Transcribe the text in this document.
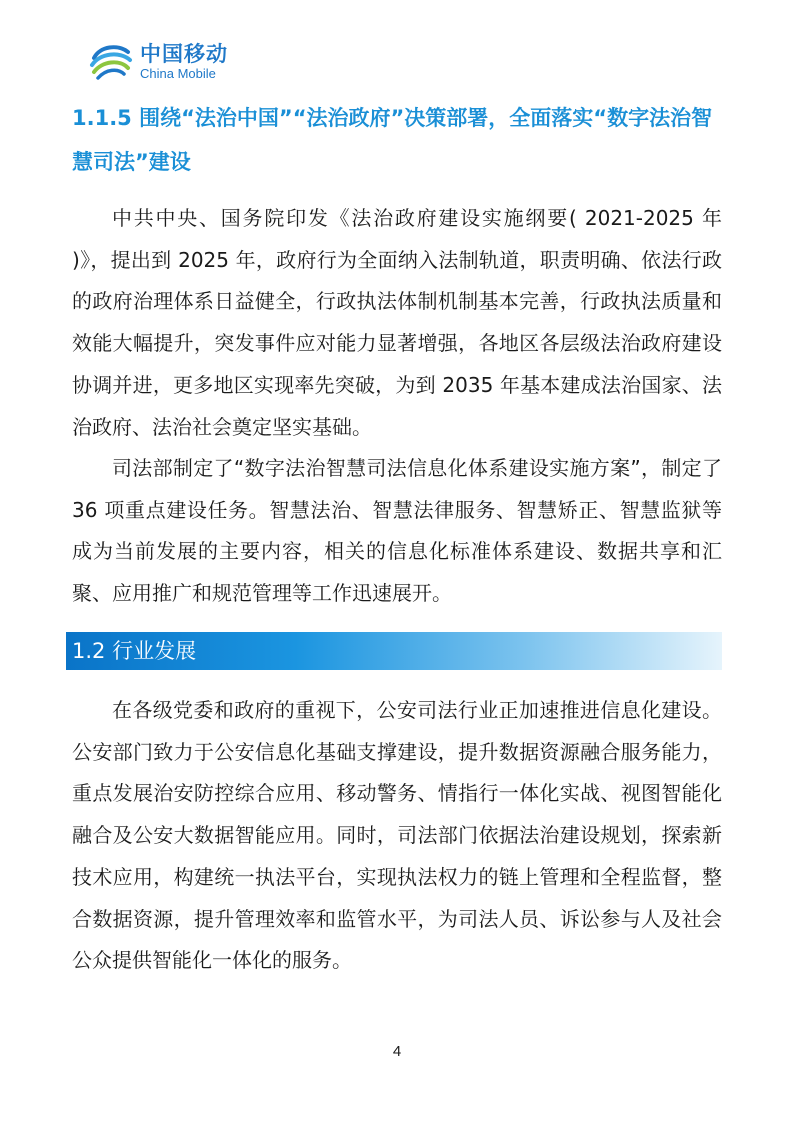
中国移动
China Mobile
1.1.5 围绕“法治中国”“法治政府”决策部署，全面落实“数字法治智慧司法”建设

中共中央、国务院印发《法治政府建设实施纲要( 2021-2025 年 )》，提出到 2025 年，政府行为全面纳入法制轨道，职责明确、依法行政的政府治理体系日益健全，行政执法体制机制基本完善，行政执法质量和效能大幅提升，突发事件应对能力显著增强，各地区各层级法治政府建设协调并进，更多地区实现率先突破，为到 2035 年基本建成法治国家、法治政府、法治社会奠定坚实基础。

司法部制定了“数字法治智慧司法信息化体系建设实施方案”，制定了 36 项重点建设任务。智慧法治、智慧法律服务、智慧矫正、智慧监狱等成为当前发展的主要内容，相关的信息化标准体系建设、数据共享和汇聚、应用推广和规范管理等工作迅速展开。

1.2 行业发展

在各级党委和政府的重视下，公安司法行业正加速推进信息化建设。公安部门致力于公安信息化基础支撑建设，提升数据资源融合服务能力，重点发展治安防控综合应用、移动警务、情指行一体化实战、视图智能化融合及公安大数据智能应用。同时，司法部门依据法治建设规划，探索新技术应用，构建统一执法平台，实现执法权力的链上管理和全程监督，整合数据资源，提升管理效率和监管水平，为司法人员、诉讼参与人及社会公众提供智能化一体化的服务。

4
